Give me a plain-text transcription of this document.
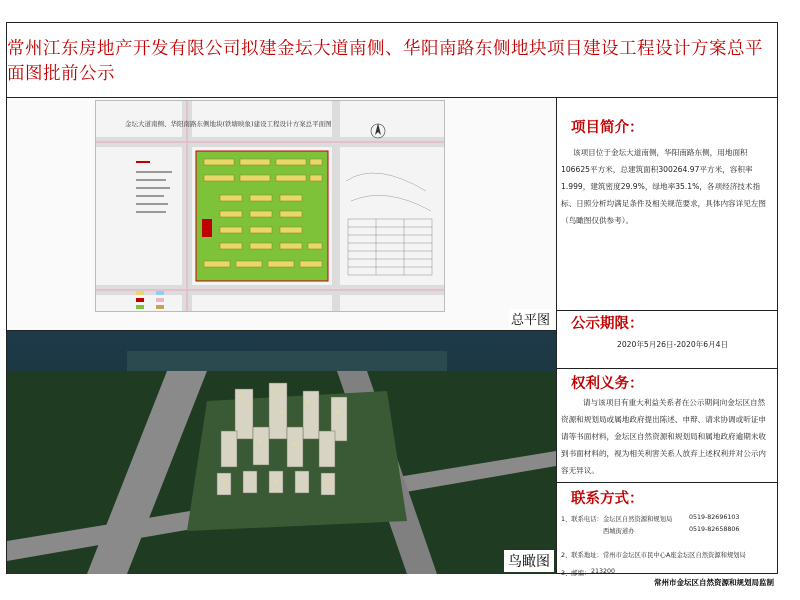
常州江东房地产开发有限公司拟建金坛大道南侧、华阳南路东侧地块项目建设工程设计方案总平面图批前公示
金坛大道南侧、华阳南路东侧地块(铁塘映象)建设工程设计方案总平面图
总平图
鸟瞰图
项目简介：
该项目位于金坛大道南侧，华阳南路东侧，用地面积106625平方米，总建筑面积300264.97平方米，容积率1.999，建筑密度29.9%，绿地率35.1%，各项经济技术指标、日照分析均满足条件及相关规范要求，具体内容详见左图（鸟瞰图仅供参考）。
公示期限：
2020年5月26日-2020年6月4日
权利义务：
请与该项目有重大利益关系者在公示期间向金坛区自然资源和规划局或属地政府提出陈述、申辩、请求协调或听证申请等书面材料，金坛区自然资源和规划局和属地政府逾期未收到书面材料的，视为相关利害关系人放弃上述权利并对公示内容无异议。
联系方式：
1、联系电话： 金坛区自然资源和规划局	0519-82696103
西城街道办	0519-82658806
2、联系地址： 常州市金坛区市民中心A座金坛区自然资源和规划局
3、邮编： 213200
常州市金坛区自然资源和规划局监制
